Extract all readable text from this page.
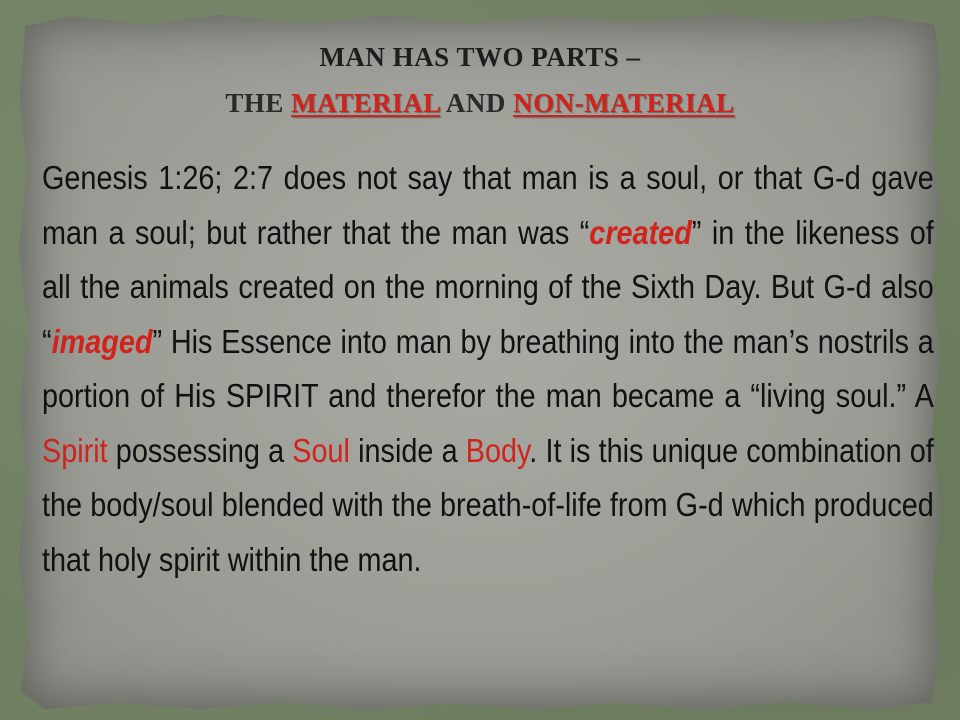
MAN HAS TWO PARTS –
THE MATERIAL AND NON-MATERIAL
Genesis 1:26; 2:7 does not say that man is a soul, or that G-d gave man a soul; but rather that the man was “created” in the likeness of all the animals created on the morning of the Sixth Day. But G-d also “imaged” His Essence into man by breathing into the man’s nostrils a portion of His SPIRIT and therefor the man became a “living soul.” A Spirit possessing a Soul inside a Body. It is this unique combination of the body/soul blended with the breath-of-life from G-d which produced that holy spirit within the man.
